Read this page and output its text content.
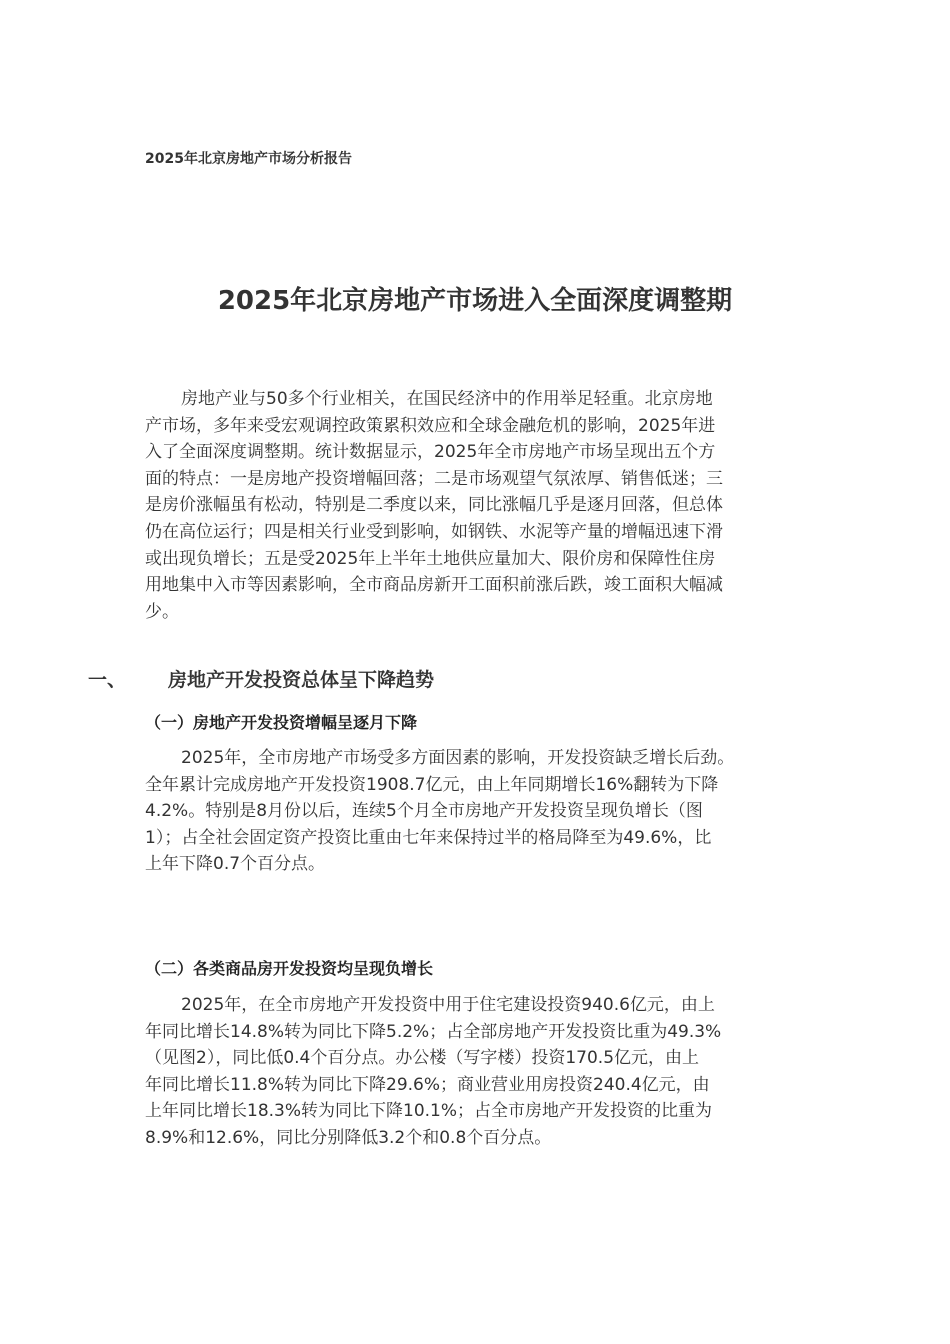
2025年北京房地产市场分析报告
2025年北京房地产市场进入全面深度调整期
房地产业与50多个行业相关，在国民经济中的作用举足轻重。北京房地
产市场，多年来受宏观调控政策累积效应和全球金融危机的影响，2025年进
入了全面深度调整期。统计数据显示，2025年全市房地产市场呈现出五个方
面的特点：一是房地产投资增幅回落；二是市场观望气氛浓厚、销售低迷；三
是房价涨幅虽有松动，特别是二季度以来，同比涨幅几乎是逐月回落，但总体
仍在高位运行；四是相关行业受到影响，如钢铁、水泥等产量的增幅迅速下滑
或出现负增长；五是受2025年上半年土地供应量加大、限价房和保障性住房
用地集中入市等因素影响，全市商品房新开工面积前涨后跌，竣工面积大幅减
少。
一、 房地产开发投资总体呈下降趋势
（一）房地产开发投资增幅呈逐月下降
2025年，全市房地产市场受多方面因素的影响，开发投资缺乏增长后劲。
全年累计完成房地产开发投资1908.7亿元，由上年同期增长16%翻转为下降
4.2%。特别是8月份以后，连续5个月全市房地产开发投资呈现负增长（图
1）；占全社会固定资产投资比重由七年来保持过半的格局降至为49.6%，比
上年下降0.7个百分点。
（二）各类商品房开发投资均呈现负增长
2025年，在全市房地产开发投资中用于住宅建设投资940.6亿元，由上
年同比增长14.8%转为同比下降5.2%；占全部房地产开发投资比重为49.3%
（见图2），同比低0.4个百分点。办公楼（写字楼）投资170.5亿元，由上
年同比增长11.8%转为同比下降29.6%；商业营业用房投资240.4亿元，由
上年同比增长18.3%转为同比下降10.1%；占全市房地产开发投资的比重为
8.9%和12.6%，同比分别降低3.2个和0.8个百分点。
